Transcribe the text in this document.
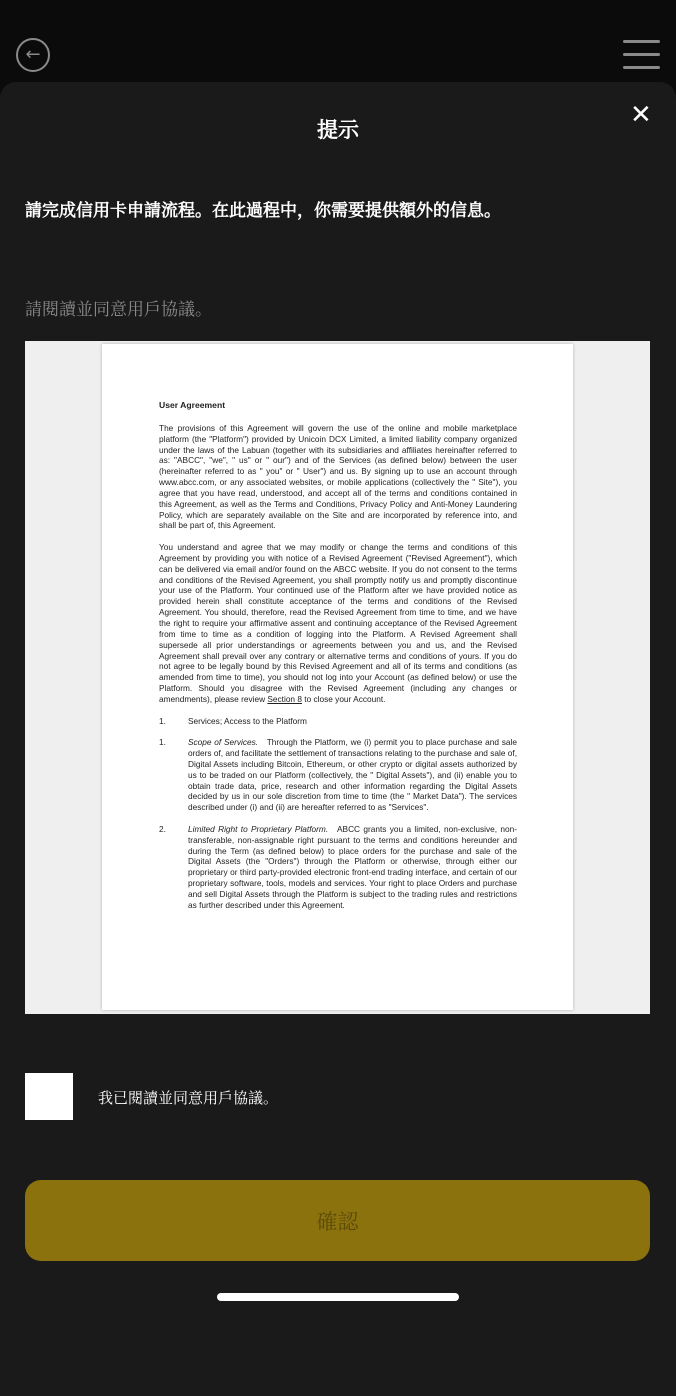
←
提示	✕
請完成信用卡申請流程。在此過程中，你需要提供額外的信息。
請閱讀並同意用戶協議。
User Agreement

The provisions of this Agreement will govern the use of the online and mobile marketplace platform (the "Platform") provided by Unicoin DCX Limited, a limited liability company organized under the laws of the Labuan (together with its subsidiaries and affiliates hereinafter referred to as: "ABCC", "we", " us" or " our") and of the Services (as defined below) between the user (hereinafter referred to as " you" or " User") and us. By signing up to use an account through www.abcc.com, or any associated websites, or mobile applications (collectively the " Site"), you agree that you have read, understood, and accept all of the terms and conditions contained in this Agreement, as well as the Terms and Conditions, Privacy Policy and Anti-Money Laundering Policy, which are separately available on the Site and are incorporated by reference into, and shall be part of, this Agreement.

You understand and agree that we may modify or change the terms and conditions of this Agreement by providing you with notice of a Revised Agreement ("Revised Agreement"), which can be delivered via email and/or found on the ABCC website. If you do not consent to the terms and conditions of the Revised Agreement, you shall promptly notify us and promptly discontinue your use of the Platform. Your continued use of the Platform after we have provided notice as provided herein shall constitute acceptance of the terms and conditions of the Revised Agreement. You should, therefore, read the Revised Agreement from time to time, and we have the right to require your affirmative assent and continuing acceptance of the Revised Agreement from time to time as a condition of logging into the Platform. A Revised Agreement shall supersede all prior understandings or agreements between you and us, and the Revised Agreement shall prevail over any contrary or alternative terms and conditions of yours. If you do not agree to be legally bound by this Revised Agreement and all of its terms and conditions (as amended from time to time), you should not log into your Account (as defined below) or use the Platform. Should you disagree with the Revised Agreement (including any changes or amendments), please review Section 8 to close your Account.

1.	Services; Access to the Platform
1.	Scope of Services. Through the Platform, we (i) permit you to place purchase and sale orders of, and facilitate the settlement of transactions relating to the purchase and sale of, Digital Assets including Bitcoin, Ethereum, or other crypto or digital assets authorized by us to be traded on our Platform (collectively, the " Digital Assets"), and (ii) enable you to obtain trade data, price, research and other information regarding the Digital Assets decided by us in our sole discretion from time to time (the " Market Data"). The services described under (i) and (ii) are hereafter referred to as "Services".
2.	Limited Right to Proprietary Platform. ABCC grants you a limited, non-exclusive, non-transferable, non-assignable right pursuant to the terms and conditions hereunder and during the Term (as defined below) to place orders for the purchase and sale of the Digital Assets (the "Orders") through the Platform or otherwise, through either our proprietary or third party-provided electronic front-end trading interface, and certain of our proprietary software, tools, models and services. Your right to place Orders and purchase and sell Digital Assets through the Platform is subject to the trading rules and restrictions as further described under this Agreement.
我已閱讀並同意用戶協議。
確認
